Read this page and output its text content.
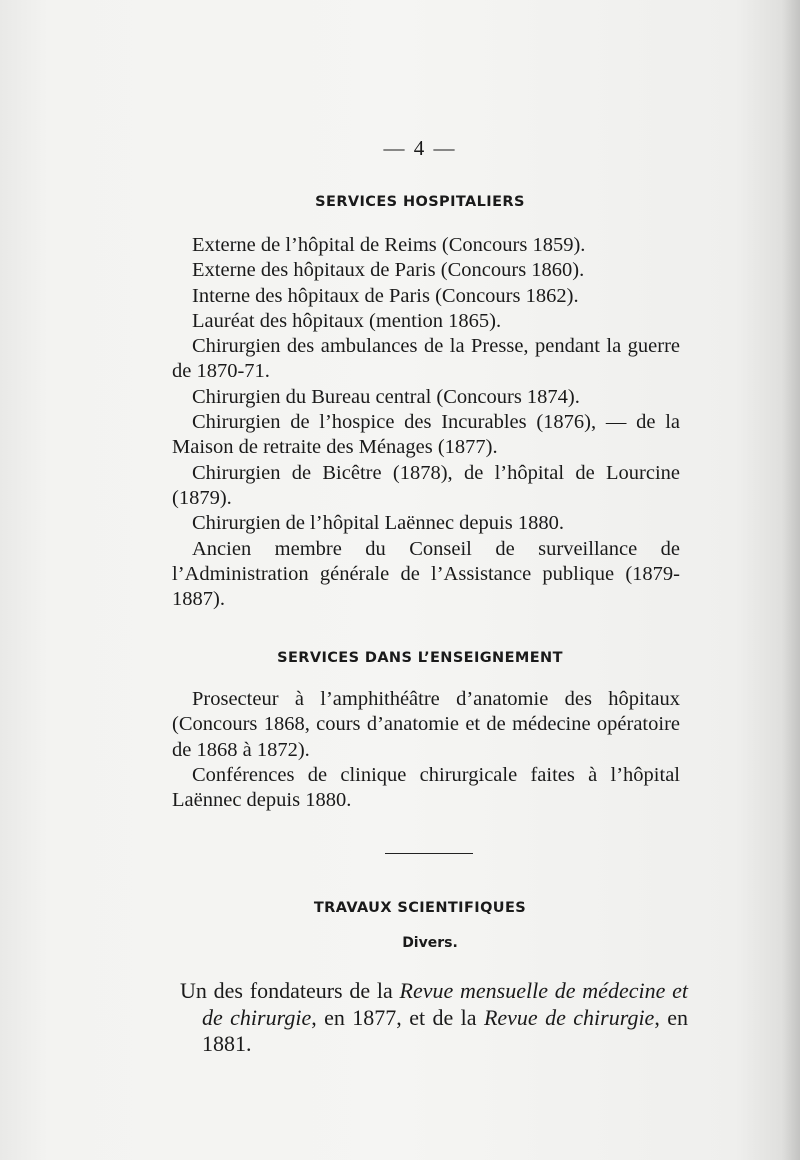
— 4 —
SERVICES HOSPITALIERS

Externe de l’hôpital de Reims (Concours 1859).

Externe des hôpitaux de Paris (Concours 1860).

Interne des hôpitaux de Paris (Concours 1862).

Lauréat des hôpitaux (mention 1865).

Chirurgien des ambulances de la Presse, pendant la guerre de 1870-71.

Chirurgien du Bureau central (Concours 1874).

Chirurgien de l’hospice des Incurables (1876), — de la Maison de retraite des Ménages (1877).

Chirurgien de Bicêtre (1878), de l’hôpital de Lourcine (1879).

Chirurgien de l’hôpital Laënnec depuis 1880.

Ancien membre du Conseil de surveillance de l’Administration générale de l’Assistance publique (1879-1887).

SERVICES DANS L’ENSEIGNEMENT

Prosecteur à l’amphithéâtre d’anatomie des hôpitaux (Concours 1868, cours d’anatomie et de médecine opératoire de 1868 à 1872).

Conférences de clinique chirurgicale faites à l’hôpital Laënnec depuis 1880.

TRAVAUX SCIENTIFIQUES
Divers.

Un des fondateurs de la Revue mensuelle de médecine et de chirurgie, en 1877, et de la Revue de chirurgie, en 1881.
